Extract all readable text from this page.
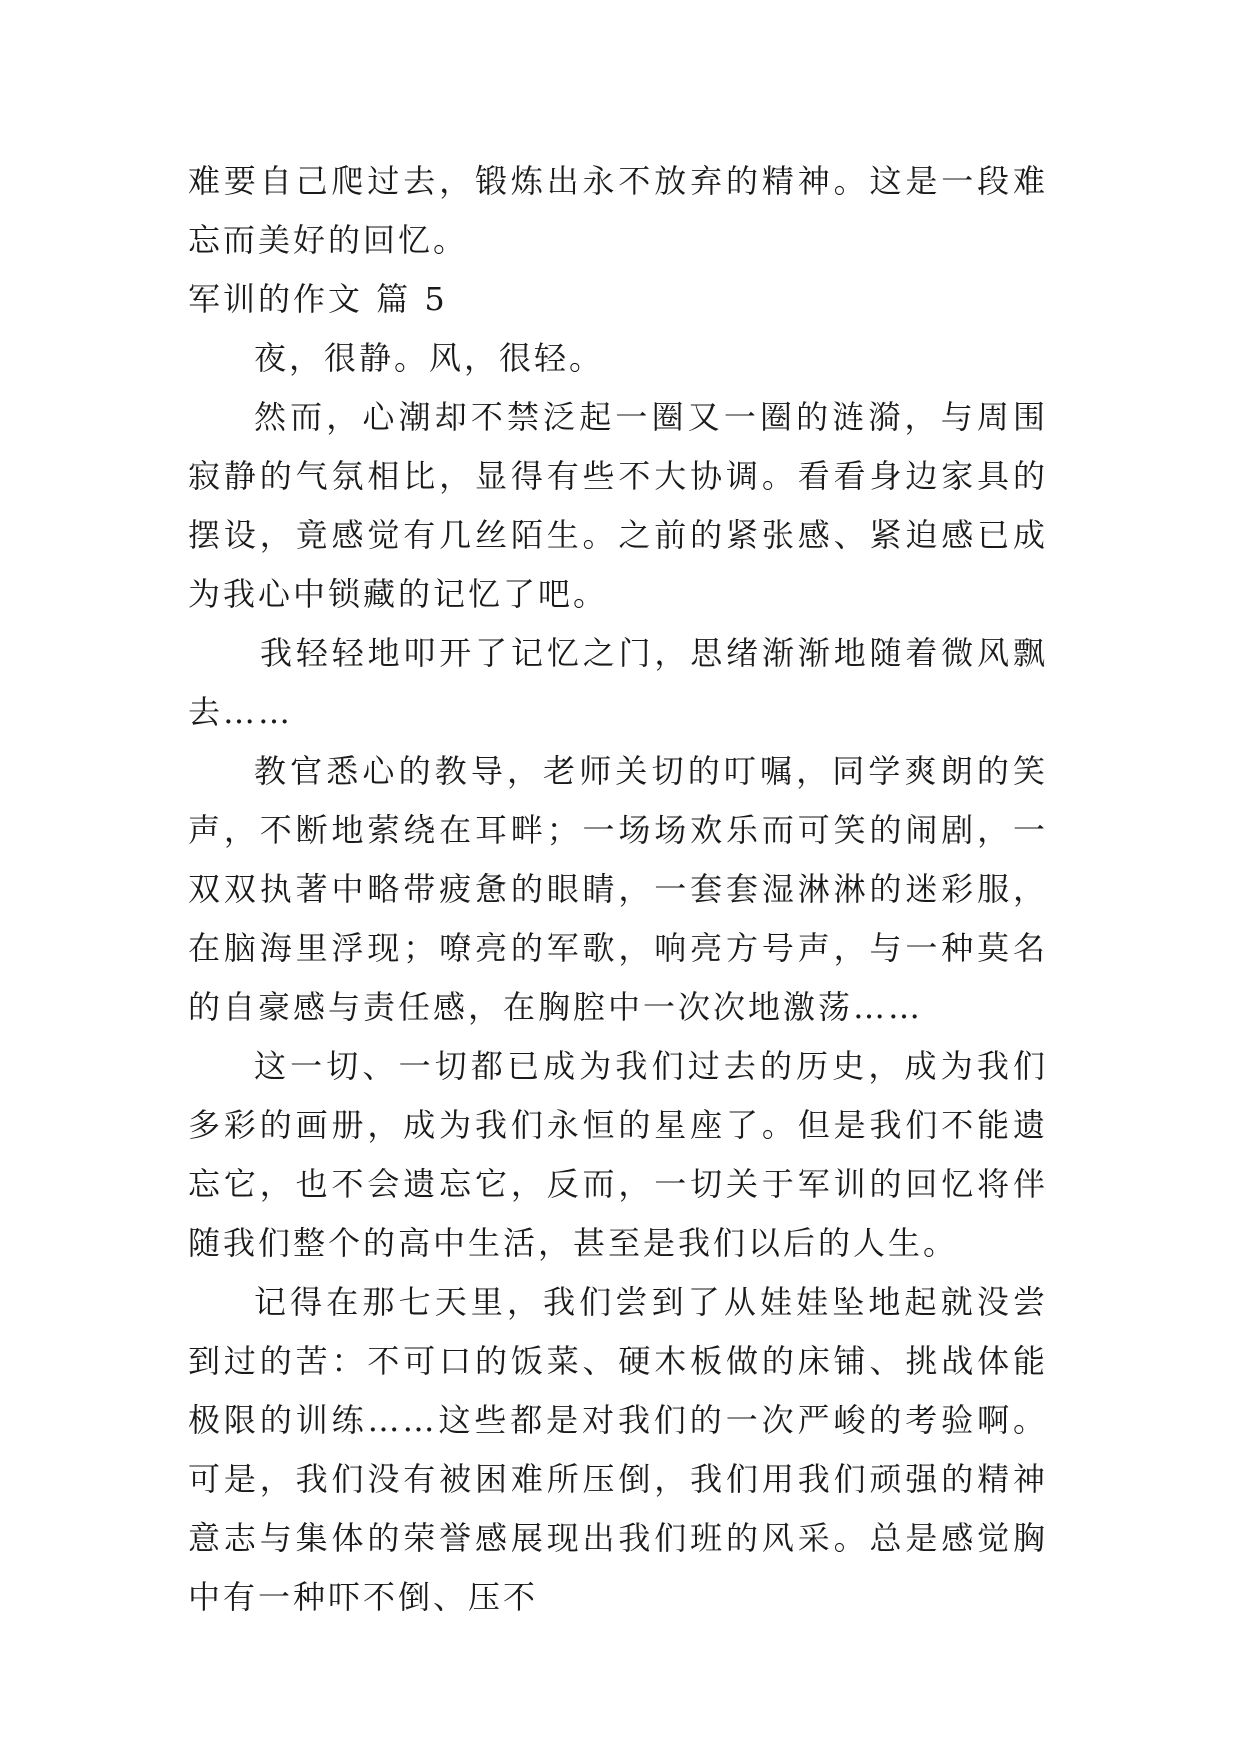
难要自己爬过去，锻炼出永不放弃的精神。这是一段难忘而美好的回忆。

军训的作文 篇 5

夜，很静。风，很轻。

然而，心潮却不禁泛起一圈又一圈的涟漪，与周围寂静的气氛相比，显得有些不大协调。看看身边家具的摆设，竟感觉有几丝陌生。之前的紧张感、紧迫感已成为我心中锁藏的记忆了吧。

我轻轻地叩开了记忆之门，思绪渐渐地随着微风飘去……

教官悉心的教导，老师关切的叮嘱，同学爽朗的笑声，不断地萦绕在耳畔；一场场欢乐而可笑的闹剧，一双双执著中略带疲惫的眼睛，一套套湿淋淋的迷彩服，在脑海里浮现；嘹亮的军歌，响亮方号声，与一种莫名的自豪感与责任感，在胸腔中一次次地激荡……

这一切、一切都已成为我们过去的历史，成为我们多彩的画册，成为我们永恒的星座了。但是我们不能遗忘它，也不会遗忘它，反而，一切关于军训的回忆将伴随我们整个的高中生活，甚至是我们以后的人生。

记得在那七天里，我们尝到了从娃娃坠地起就没尝到过的苦：不可口的饭菜、硬木板做的床铺、挑战体能极限的训练……这些都是对我们的一次严峻的考验啊。可是，我们没有被困难所压倒，我们用我们顽强的精神意志与集体的荣誉感展现出我们班的风采。总是感觉胸中有一种吓不倒、压不
